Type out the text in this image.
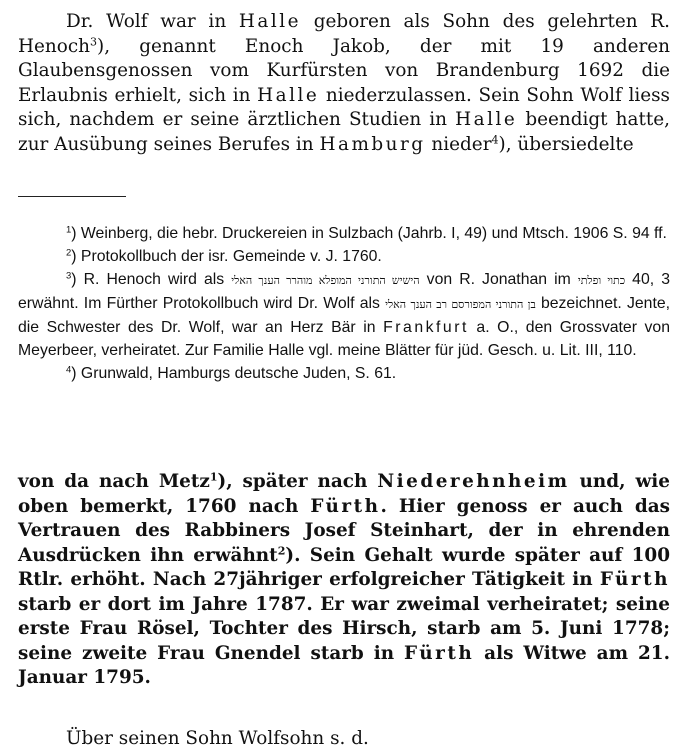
Dr. Wolf war in Halle geboren als Sohn des gelehrten R. Henoch$^3$), genannt Enoch Jakob, der mit 19 anderen Glaubensgenossen vom Kurfürsten von Brandenburg 1692 die Erlaubnis erhielt, sich in Halle niederzulassen. Sein Sohn Wolf liess sich, nachdem er seine ärztlichen Studien in Halle beendigt hatte, zur Ausübung seines Berufes in Hamburg nieder$^4$), übersiedelte

$^1$) Weinberg, die hebr. Druckereien in Sulzbach (Jahrb. I, 49) und Mtsch. 1906 S. 94 ff.

$^2$) Protokollbuch der isr. Gemeinde v. J. 1760.

$^3$) R. Henoch wird als הישיש התורני המופלא מוהרר הענך האלי von R. Jonathan im כתוי ופלתי 40, 3 erwähnt. Im Fürther Protokollbuch wird Dr. Wolf als בן התורני המפורסם רב הענך האלי bezeichnet. Jente, die Schwester des Dr. Wolf, war an Herz Bär in Frankfurt a. O., den Grossvater von Meyerbeer, verheiratet. Zur Familie Halle vgl. meine Blätter für jüd. Gesch. u. Lit. III, 110.

$^4$) Grunwald, Hamburgs deutsche Juden, S. 61.

von da nach Metz$^1$), später nach Niederehnheim und, wie oben bemerkt, 1760 nach Fürth. Hier genoss er auch das Vertrauen des Rabbiners Josef Steinhart, der in ehrenden Ausdrücken ihn erwähnt$^2$). Sein Gehalt wurde später auf 100 Rtlr. erhöht. Nach 27jähriger erfolgreicher Tätigkeit in Fürth starb er dort im Jahre 1787. Er war zweimal verheiratet; seine erste Frau Rösel, Tochter des Hirsch, starb am 5. Juni 1778; seine zweite Frau Gnendel starb in Fürth als Witwe am 21. Januar 1795.

Über seinen Sohn Wolfsohn s. d.
